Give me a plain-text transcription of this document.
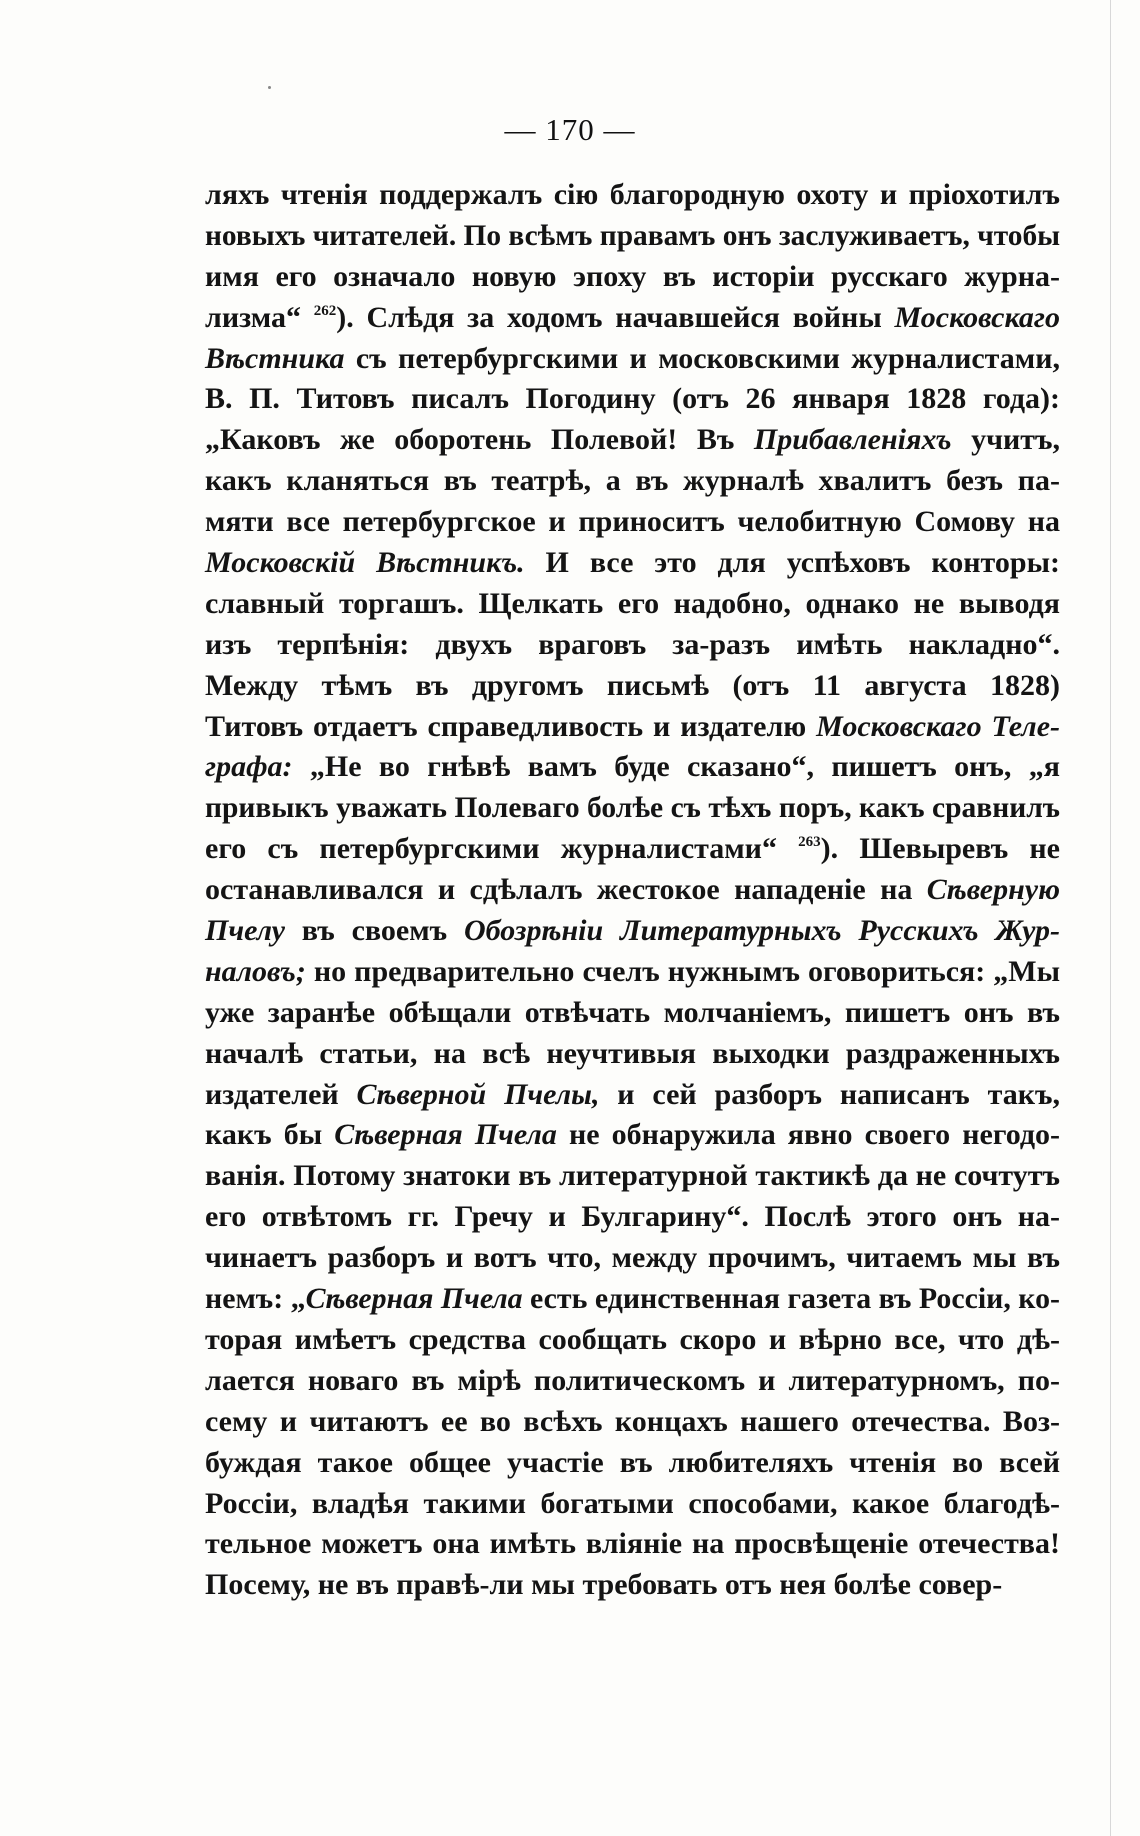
— 170 —
ляхъ чтенія поддержалъ сію благородную охоту и пріохотилъ
новыхъ читателей. По всѣмъ правамъ онъ заслуживаетъ, чтобы
имя его означало новую эпоху въ исторіи русскаго журна-
лизма“ $^{262}$). Слѣдя за ходомъ начавшейся войны Московскаго
Вѣстника съ петербургскими и московскими журналистами,
В. П. Титовъ писалъ Погодину (отъ 26 января 1828 года):
„Каковъ же оборотень Полевой! Въ Прибавленіяхъ учитъ,
какъ кланяться въ театрѣ, а въ журналѣ хвалитъ безъ па-
мяти все петербургское и приноситъ челобитную Сомову на
Московскій Вѣстникъ. И все это для успѣховъ конторы:
славный торгашъ. Щелкать его надобно, однако не выводя
изъ терпѣнія: двухъ враговъ за-разъ имѣть накладно“.
Между тѣмъ въ другомъ письмѣ (отъ 11 августа 1828)
Титовъ отдаетъ справедливость и издателю Московскаго Теле-
графа: „Не во гнѣвѣ вамъ буде сказано“, пишетъ онъ, „я
привыкъ уважать Полеваго болѣе съ тѣхъ поръ, какъ сравнилъ
его съ петербургскими журналистами“ $^{263}$). Шевыревъ не
останавливался и сдѣлалъ жестокое нападеніе на Сѣверную
Пчелу въ своемъ Обозрѣніи Литературныхъ Русскихъ Жур-
наловъ; но предварительно счелъ нужнымъ оговориться: „Мы
уже заранѣе обѣщали отвѣчать молчаніемъ, пишетъ онъ въ
началѣ статьи, на всѣ неучтивыя выходки раздраженныхъ
издателей Сѣверной Пчелы, и сей разборъ написанъ такъ,
какъ бы Сѣверная Пчела не обнаружила явно своего негодо-
ванія. Потому знатоки въ литературной тактикѣ да не сочтутъ
его отвѣтомъ гг. Гречу и Булгарину“. Послѣ этого онъ на-
чинаетъ разборъ и вотъ что, между прочимъ, читаемъ мы въ
немъ: „Сѣверная Пчела есть единственная газета въ Россіи, ко-
торая имѣетъ средства сообщать скоро и вѣрно все, что дѣ-
лается новаго въ мірѣ политическомъ и литературномъ, по-
сему и читаютъ ее во всѣхъ концахъ нашего отечества. Воз-
буждая такое общее участіе въ любителяхъ чтенія во всей
Россіи, владѣя такими богатыми способами, какое благодѣ-
тельное можетъ она имѣть вліяніе на просвѣщеніе отечества!
Посему, не въ правѣ-ли мы требовать отъ нея болѣе совер-
